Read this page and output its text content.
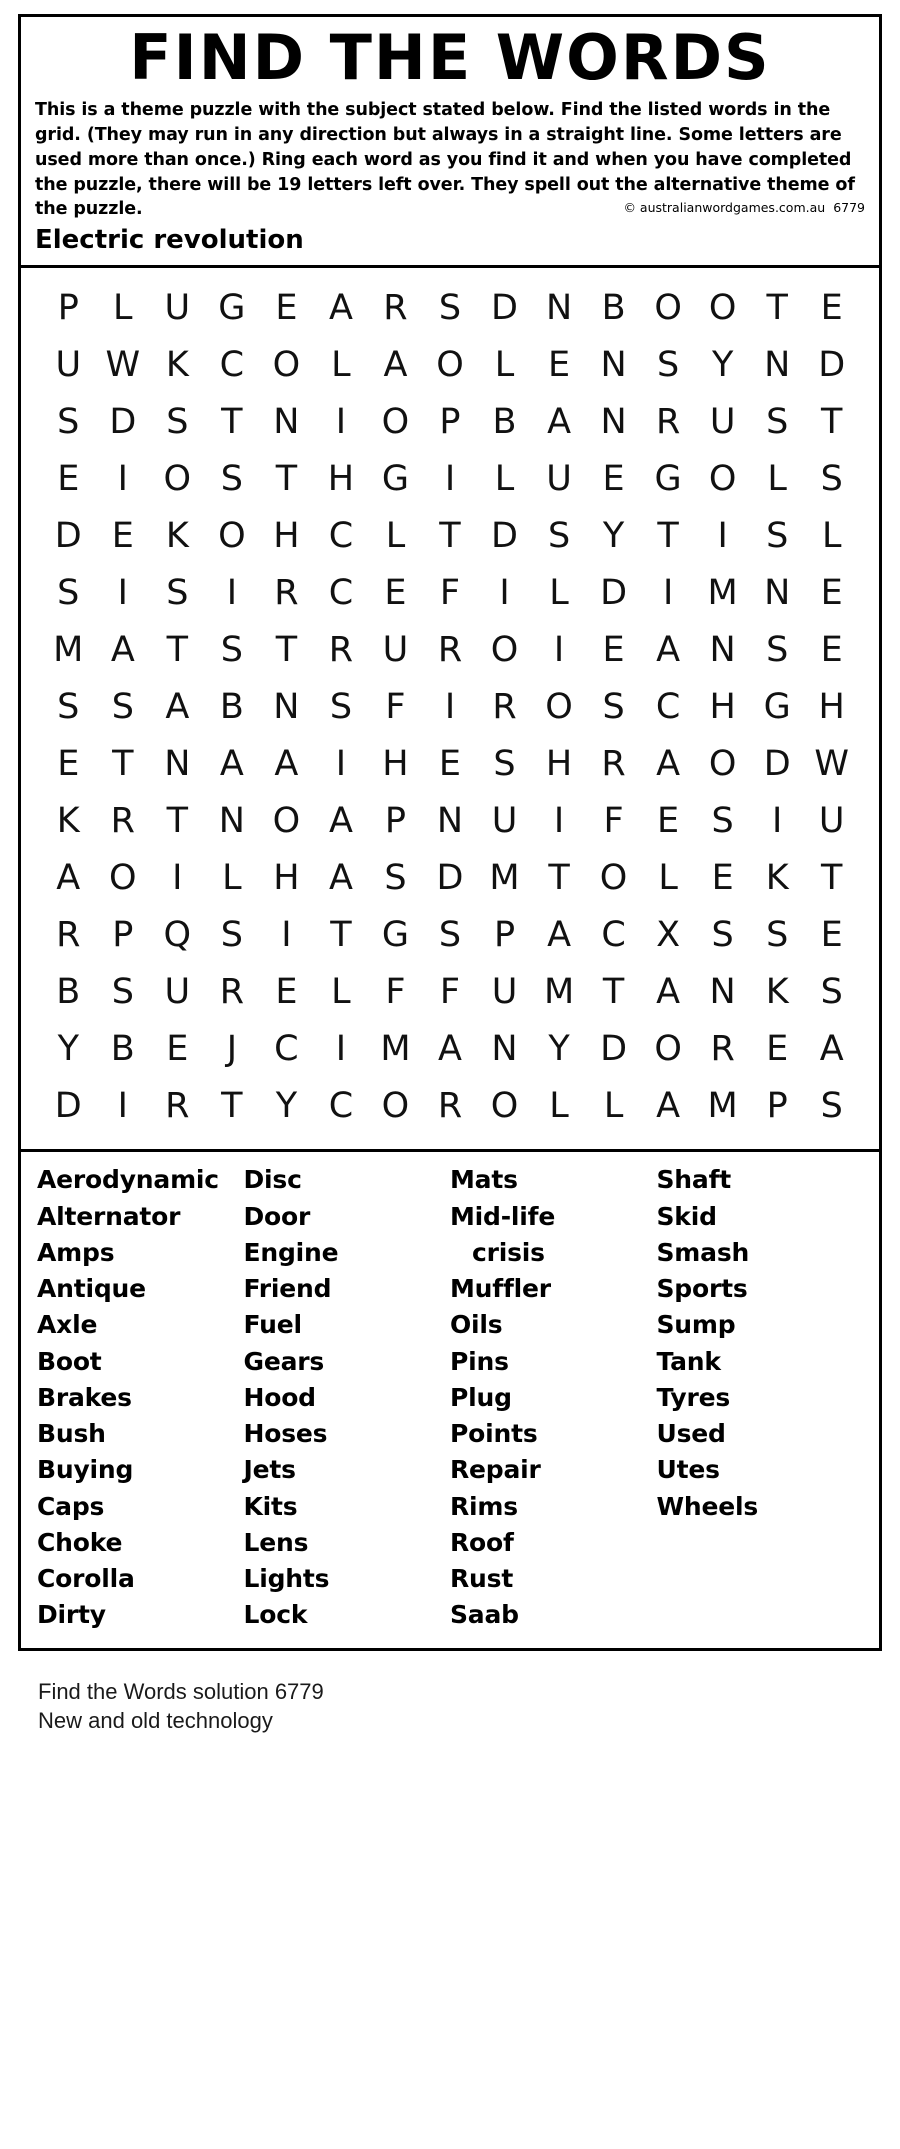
FIND THE WORDS

This is a theme puzzle with the subject stated below. Find the listed words in the grid. (They may run in any direction but always in a straight line. Some letters are used more than once.) Ring each word as you find it and when you have completed the puzzle, there will be 19 letters left over. They spell out the alternative theme of the puzzle.	© australianwordgames.com.au 6779
Electric revolution
P L U G E A R S D N B O O T E
U W K C O L A O L E N S Y N D
S D S T N	I	O P B A N R U S T
E	I	O S T H G	I	L U E G O L S
D E K O H C L T D S Y T	I	S L
S	I	S	I	R C E F	I	L D	I M N E
M A T S T R U R O	I	E A N S E
S S A B N S F	I	R O S C H G H
E T N A A	I	H E S H R A O D W
K R T N O A P N U	I	F E S	I	U
A O	I	L H A S D M T O L E K T
R P Q S	I	T G S P A C X S S E
B S U R E L F F U M T A N K S
Y B E	J	C	I M A N Y D O R E A
D	I	R T Y C O R O L	L A M P S
Aerodynamic
Alternator
Amps
Antique
Axle
Boot
Brakes
Bush
Buying
Caps
Choke
Corolla
Dirty
Disc
Door
Engine
Friend
Fuel
Gears
Hood
Hoses
Jets
Kits
Lens
Lights
Lock
Mats
Mid-life
crisis
Muffler
Oils
Pins
Plug
Points
Repair
Rims
Roof
Rust
Saab
Shaft
Skid
Smash
Sports
Sump
Tank
Tyres
Used
Utes
Wheels
Find the Words solution 6779
New and old technology
